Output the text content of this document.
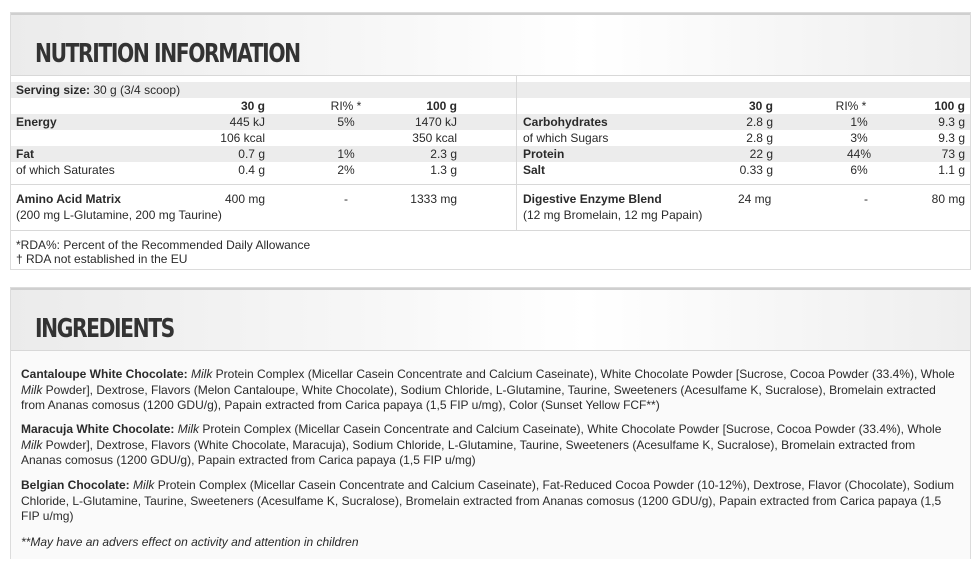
NUTRITION INFORMATION
Serving size: 30 g (3/4 scoop)
30 g	RI% *	100 g	30 g	RI% *	100 g
Energy	445 kJ	5%	1470 kJ
106 kcal	350 kcal
Fat	0.7 g	1%	2.3 g
of which Saturates	0.4 g	2%	1.3 g
Carbohydrates	2.8 g	1%	9.3 g
of which Sugars	2.8 g	3%	9.3 g
Protein	22 g	44%	73 g
Salt	0.33 g	6%	1.1 g
Amino Acid Matrix	400 mg	-	1333 mg	Digestive Enzyme Blend	24 mg	-	80 mg
(200 mg L-Glutamine, 200 mg Taurine)	(12 mg Bromelain, 12 mg Papain)
*RDA%: Percent of the Recommended Daily Allowance
† RDA not established in the EU
INGREDIENTS
Cantaloupe White Chocolate: Milk Protein Complex (Micellar Casein Concentrate and Calcium Caseinate), White Chocolate Powder [Sucrose, Cocoa Powder (33.4%), Whole Milk Powder], Dextrose, Flavors (Melon Cantaloupe, White Chocolate), Sodium Chloride, L-Glutamine, Taurine, Sweeteners (Acesulfame K, Sucralose), Bromelain extracted from Ananas comosus (1200 GDU/g), Papain extracted from Carica papaya (1,5 FIP u/mg), Color (Sunset Yellow FCF**)
Maracuja White Chocolate: Milk Protein Complex (Micellar Casein Concentrate and Calcium Caseinate), White Chocolate Powder [Sucrose, Cocoa Powder (33.4%), Whole Milk Powder], Dextrose, Flavors (White Chocolate, Maracuja), Sodium Chloride, L-Glutamine, Taurine, Sweeteners (Acesulfame K, Sucralose), Bromelain extracted from Ananas comosus (1200 GDU/g), Papain extracted from Carica papaya (1,5 FIP u/mg)
Belgian Chocolate: Milk Protein Complex (Micellar Casein Concentrate and Calcium Caseinate), Fat-Reduced Cocoa Powder (10-12%), Dextrose, Flavor (Chocolate), Sodium Chloride, L-Glutamine, Taurine, Sweeteners (Acesulfame K, Sucralose), Bromelain extracted from Ananas comosus (1200 GDU/g), Papain extracted from Carica papaya (1,5 FIP u/mg)
**May have an advers effect on activity and attention in children
